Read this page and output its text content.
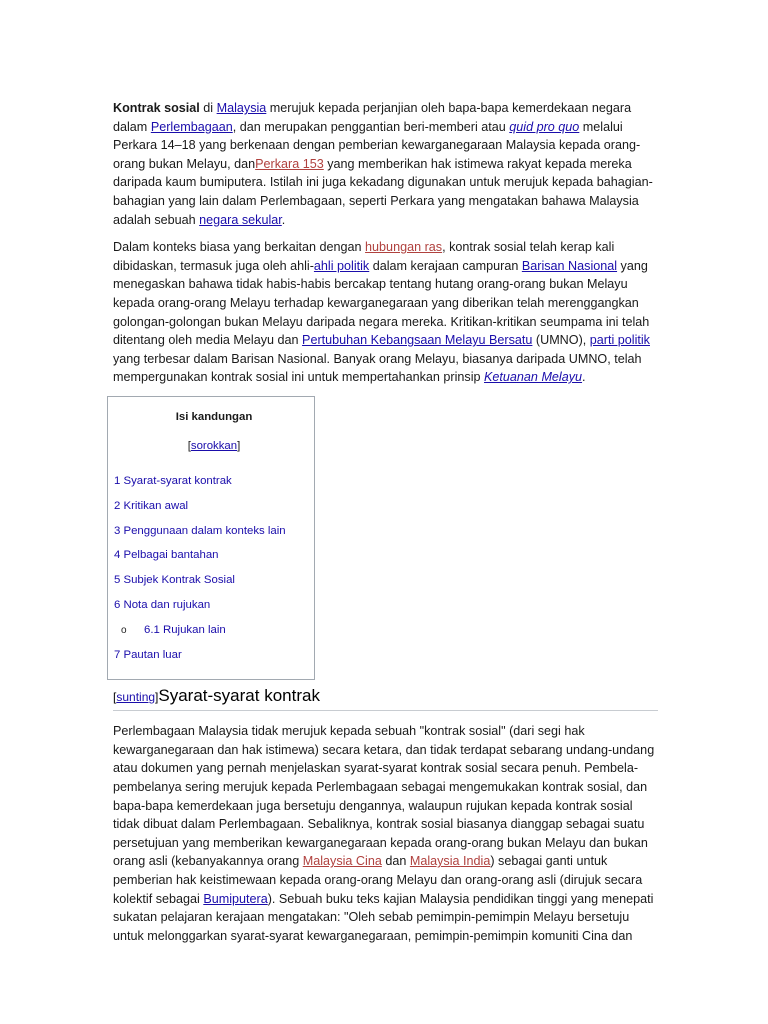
Kontrak sosial di Malaysia merujuk kepada perjanjian oleh bapa-bapa kemerdekaan negara dalam Perlembagaan, dan merupakan penggantian beri-memberi atau quid pro quo melalui Perkara 14–18 yang berkenaan dengan pemberian kewarganegaraan Malaysia kepada orang-orang bukan Melayu, danPerkara 153 yang memberikan hak istimewa rakyat kepada mereka daripada kaum bumiputera. Istilah ini juga kekadang digunakan untuk merujuk kepada bahagian-bahagian yang lain dalam Perlembagaan, seperti Perkara yang mengatakan bahawa Malaysia adalah sebuah negara sekular.

Dalam konteks biasa yang berkaitan dengan hubungan ras, kontrak sosial telah kerap kali dibidaskan, termasuk juga oleh ahli-ahli politik dalam kerajaan campuran Barisan Nasional yang menegaskan bahawa tidak habis-habis bercakap tentang hutang orang-orang bukan Melayu kepada orang-orang Melayu terhadap kewarganegaraan yang diberikan telah merenggangkan golongan-golongan bukan Melayu daripada negara mereka. Kritikan-kritikan seumpama ini telah ditentang oleh media Melayu dan Pertubuhan Kebangsaan Melayu Bersatu (UMNO), parti politik yang terbesar dalam Barisan Nasional. Banyak orang Melayu, biasanya daripada UMNO, telah mempergunakan kontrak sosial ini untuk mempertahankan prinsip Ketuanan Melayu.

Isi kandungan
[sorokkan]
1 Syarat-syarat kontrak
2 Kritikan awal
3 Penggunaan dalam konteks lain
4 Pelbagai bantahan
5 Subjek Kontrak Sosial
6 Nota dan rujukan
o 6.1 Rujukan lain
7 Pautan luar
[sunting]Syarat-syarat kontrak

Perlembagaan Malaysia tidak merujuk kepada sebuah "kontrak sosial" (dari segi hak kewarganegaraan dan hak istimewa) secara ketara, dan tidak terdapat sebarang undang-undang atau dokumen yang pernah menjelaskan syarat-syarat kontrak sosial secara penuh. Pembela-pembelanya sering merujuk kepada Perlembagaan sebagai mengemukakan kontrak sosial, dan bapa-bapa kemerdekaan juga bersetuju dengannya, walaupun rujukan kepada kontrak sosial tidak dibuat dalam Perlembagaan. Sebaliknya, kontrak sosial biasanya dianggap sebagai suatu persetujuan yang memberikan kewarganegaraan kepada orang-orang bukan Melayu dan bukan orang asli (kebanyakannya orang Malaysia Cina dan Malaysia India) sebagai ganti untuk pemberian hak keistimewaan kepada orang-orang Melayu dan orang-orang asli (dirujuk secara kolektif sebagai Bumiputera). Sebuah buku teks kajian Malaysia pendidikan tinggi yang menepati sukatan pelajaran kerajaan mengatakan: "Oleh sebab pemimpin-pemimpin Melayu bersetuju untuk melonggarkan syarat-syarat kewarganegaraan, pemimpin-pemimpin komuniti Cina dan
